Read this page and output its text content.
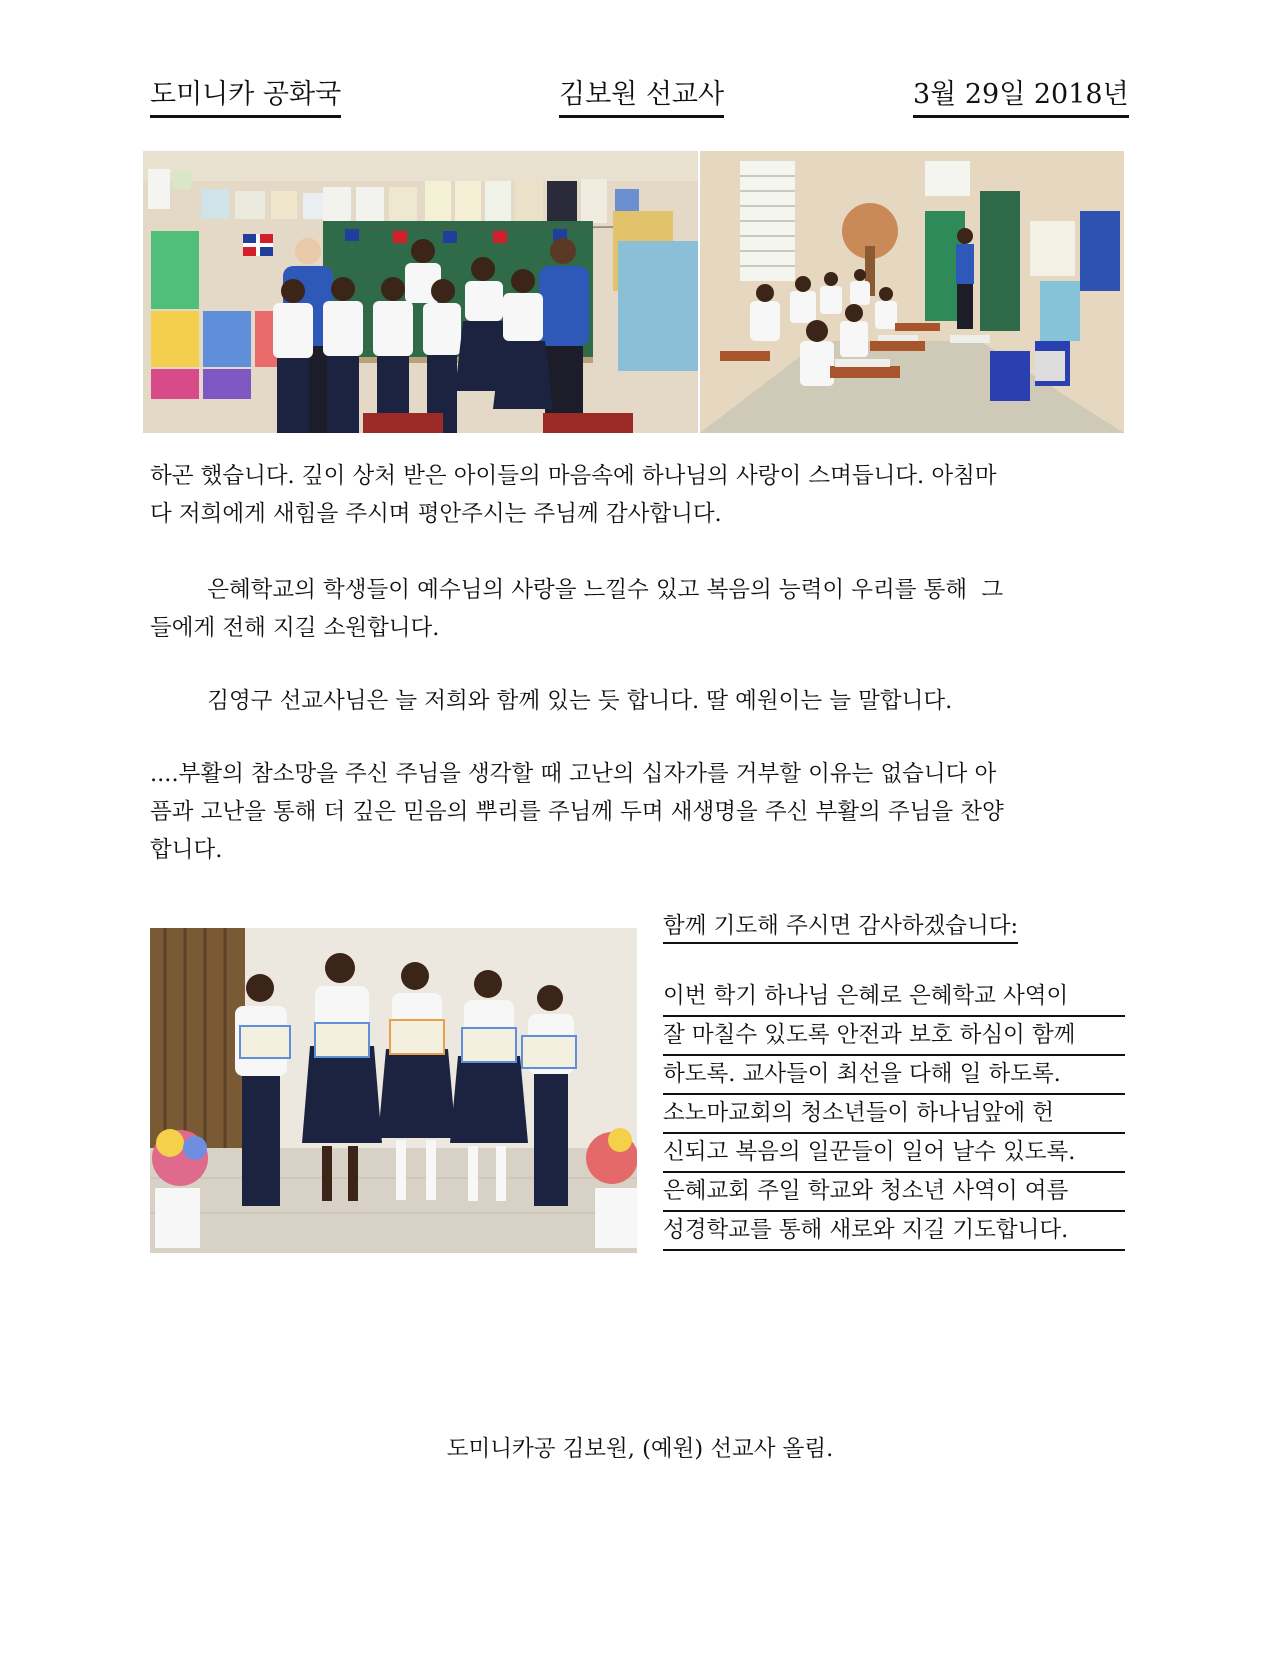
도미니카 공화국	김보원 선교사	3월 29일 2018년
하곤 했습니다. 깊이 상처 받은 아이들의 마음속에 하나님의 사랑이 스며듭니다. 아침마
다 저희에게 새힘을 주시며 평안주시는 주님께 감사합니다.
은혜학교의 학생들이 예수님의 사랑을 느낄수 있고 복음의 능력이 우리를 통해  그
들에게 전해 지길 소원합니다.
김영구 선교사님은 늘 저희와 함께 있는 듯 합니다. 딸 예원이는 늘 말합니다.
....부활의 참소망을 주신 주님을 생각할 때 고난의 십자가를 거부할 이유는 없습니다 아
픔과 고난을 통해 더 깊은 믿음의 뿌리를 주님께 두며 새생명을 주신 부활의 주님을 찬양
합니다.
함께 기도해 주시면 감사하겠습니다:
이번 학기 하나님 은혜로 은혜학교 사역이
잘 마칠수 있도록 안전과 보호 하심이 함께
하도록. 교사들이 최선을 다해 일 하도록.
소노마교회의 청소년들이 하나님앞에 헌
신되고 복음의 일꾼들이 일어 날수 있도록.
은혜교회 주일 학교와 청소년 사역이 여름
성경학교를 통해 새로와 지길 기도합니다.
도미니카공 김보원, (예원) 선교사 올림.
